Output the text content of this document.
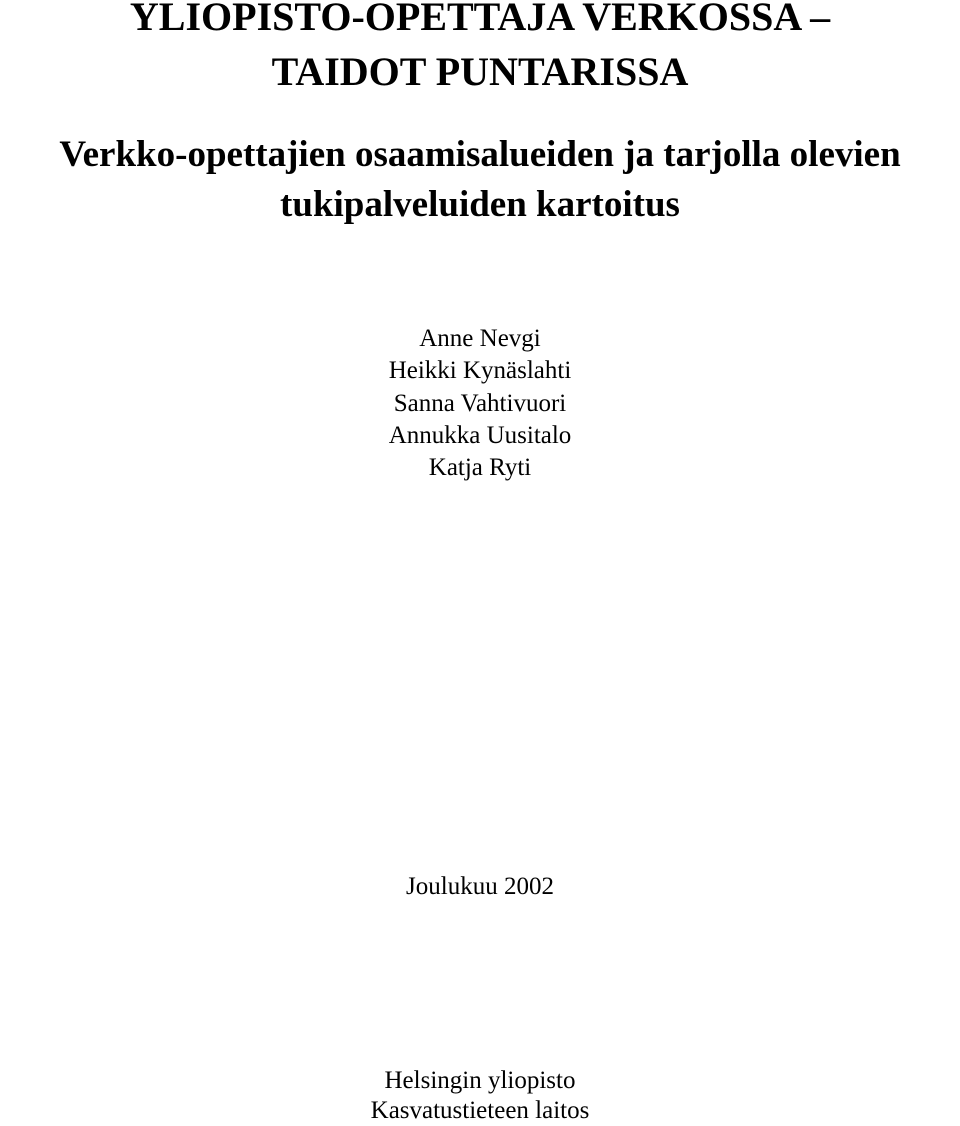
YLIOPISTO-OPETTAJA VERKOSSA –
TAIDOT PUNTARISSA
Verkko-opettajien osaamisalueiden ja tarjolla olevien
tukipalveluiden kartoitus

Anne Nevgi

Heikki Kynäslahti

Sanna Vahtivuori

Annukka Uusitalo

Katja Ryti

Joulukuu 2002

Helsingin yliopisto

Kasvatustieteen laitos
